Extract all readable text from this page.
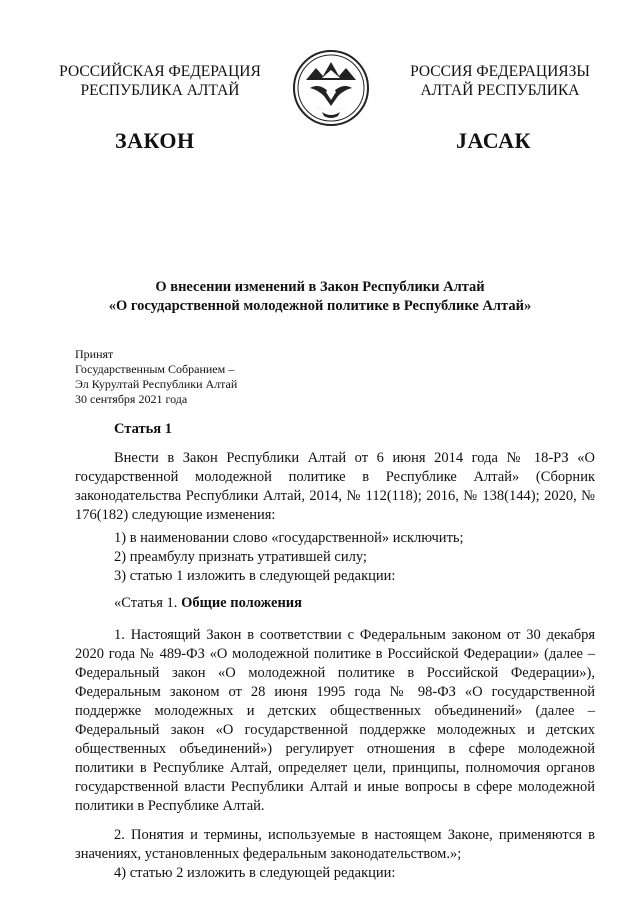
РОССИЙСКАЯ ФЕДЕРАЦИЯ
РЕСПУБЛИКА АЛТАЙ
РОССИЯ ФЕДЕРАЦИЯЗЫ
АЛТАЙ РЕСПУБЛИКА
ЗАКОН	ЈАСАК
О внесении изменений в Закон Республики Алтай
«О государственной молодежной политике в Республике Алтай»
Принят
Государственным Собранием –
Эл Курултай Республики Алтай
30 сентября 2021 года

Статья 1

Внести в Закон Республики Алтай от 6 июня 2014 года № 18-РЗ «О государственной молодежной политике в Республике Алтай» (Сборник законодательства Республики Алтай, 2014, № 112(118); 2016, № 138(144); 2020, № 176(182) следующие изменения:

1) в наименовании слово «государственной» исключить;

2) преамбулу признать утратившей силу;

3) статью 1 изложить в следующей редакции:

«Статья 1. Общие положения

1. Настоящий Закон в соответствии с Федеральным законом от 30 декабря 2020 года № 489-ФЗ «О молодежной политике в Российской Федерации» (далее – Федеральный закон «О молодежной политике в Российской Федерации»), Федеральным законом от 28 июня 1995 года № 98-ФЗ «О государственной поддержке молодежных и детских общественных объединений» (далее – Федеральный закон «О государственной поддержке молодежных и детских общественных объединений») регулирует отношения в сфере молодежной политики в Республике Алтай, определяет цели, принципы, полномочия органов государственной власти Республики Алтай и иные вопросы в сфере молодежной политики в Республике Алтай.

2. Понятия и термины, используемые в настоящем Законе, применяются в значениях, установленных федеральным законодательством.»;

4) статью 2 изложить в следующей редакции:
